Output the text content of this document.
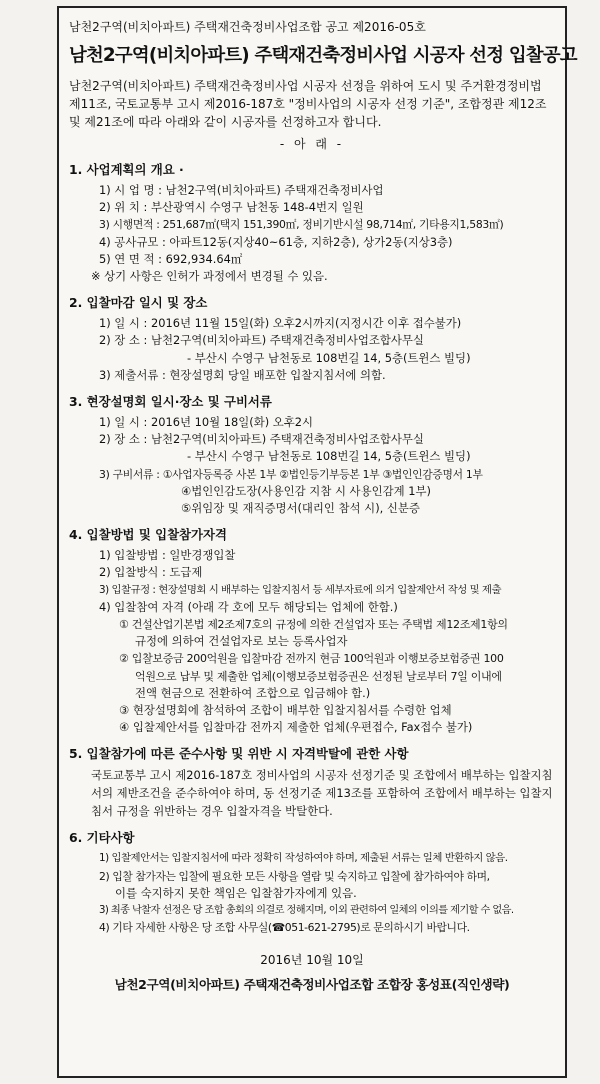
남천2구역(비치아파트) 주택재건축정비사업조합 공고 제2016-05호
남천2구역(비치아파트) 주택재건축정비사업 시공자 선정 입찰공고

남천2구역(비치아파트) 주택재건축정비사업 시공자 선정을 위하여 도시 및 주거환경정비법 제11조, 국토교통부 고시 제2016-187호 "정비사업의 시공자 선정 기준", 조합정관 제12조 및 제21조에 따라 아래와 같이 시공자를 선정하고자 합니다.

- 아 래 -
1. 사업계획의 개요 ·
1) 시 업 명 : 남천2구역(비치아파트) 주택재건축정비사업
2) 위 치 : 부산광역시 수영구 남천동 148-4번지 일원
3) 시행면적 : 251,687㎡(택지 151,390㎡, 정비기반시설 98,714㎡, 기타용지1,583㎡)
4) 공사규모 : 아파트12동(지상40~61층, 지하2층), 상가2동(지상3층)
5) 연 면 적 : 692,934.64㎡
※ 상기 사항은 인허가 과정에서 변경될 수 있음.
2. 입찰마감 일시 및 장소
1) 일 시 : 2016년 11월 15일(화) 오후2시까지(지정시간 이후 접수불가)
2) 장 소 : 남천2구역(비치아파트) 주택재건축정비사업조합사무실
- 부산시 수영구 남천동로 108번길 14, 5층(트윈스 빌딩)
3) 제출서류 : 현장설명회 당일 배포한 입찰지침서에 의함.
3. 현장설명회 일시·장소 및 구비서류
1) 일 시 : 2016년 10월 18일(화) 오후2시
2) 장 소 : 남천2구역(비치아파트) 주택재건축정비사업조합사무실
- 부산시 수영구 남천동로 108번길 14, 5층(트윈스 빌딩)
3) 구비서류 : ①사업자등록증 사본 1부 ②법인등기부등본 1부 ③법인인감증명서 1부
④법인인감도장(사용인감 지참 시 사용인감계 1부)
⑤위임장 및 재직증명서(대리인 참석 시), 신분증
4. 입찰방법 및 입찰참가자격
1) 입찰방법 : 일반경쟁입찰
2) 입찰방식 : 도급제
3) 입찰규정 : 현장설명회 시 배부하는 입찰지침서 등 세부자료에 의거 입찰제안서 작성 및 제출
4) 입찰참여 자격 (아래 각 호에 모두 해당되는 업체에 한함.)
① 건설산업기본법 제2조제7호의 규정에 의한 건설업자 또는 주택법 제12조제1항의
규정에 의하여 건설업자로 보는 등록사업자
② 입찰보증금 200억원을 입찰마감 전까지 현금 100억원과 이행보증보험증권 100
억원으로 납부 및 제출한 업체(이행보증보험증권은 선정된 날로부터 7일 이내에
전액 현금으로 전환하여 조합으로 입금해야 함.)
③ 현장설명회에 참석하여 조합이 배부한 입찰지침서를 수령한 업체
④ 입찰제안서를 입찰마감 전까지 제출한 업체(우편접수, Fax접수 불가)
5. 입찰참가에 따른 준수사항 및 위반 시 자격박탈에 관한 사항

국토교통부 고시 제2016-187호 정비사업의 시공자 선정기준 및 조합에서 배부하는 입찰지침서의 제반조건을 준수하여야 하며, 동 선정기준 제13조를 포함하여 조합에서 배부하는 입찰지침서 규정을 위반하는 경우 입찰자격을 박탈한다.

6. 기타사항
1) 입찰제안서는 입찰지침서에 따라 정확히 작성하여야 하며, 제출된 서류는 일체 반환하지 않음.
2) 입찰 참가자는 입찰에 필요한 모든 사항을 열람 및 숙지하고 입찰에 참가하여야 하며,
이를 숙지하지 못한 책임은 입찰참가자에게 있음.
3) 최종 낙찰자 선정은 당 조합 총회의 의결로 정해지며, 이외 관련하여 일체의 이의를 제기할 수 없음.
4) 기타 자세한 사항은 당 조합 사무실(☎051-621-2795)로 문의하시기 바랍니다.
2016년 10월 10일
남천2구역(비치아파트) 주택재건축정비사업조합 조합장 홍성표(직인생략)
